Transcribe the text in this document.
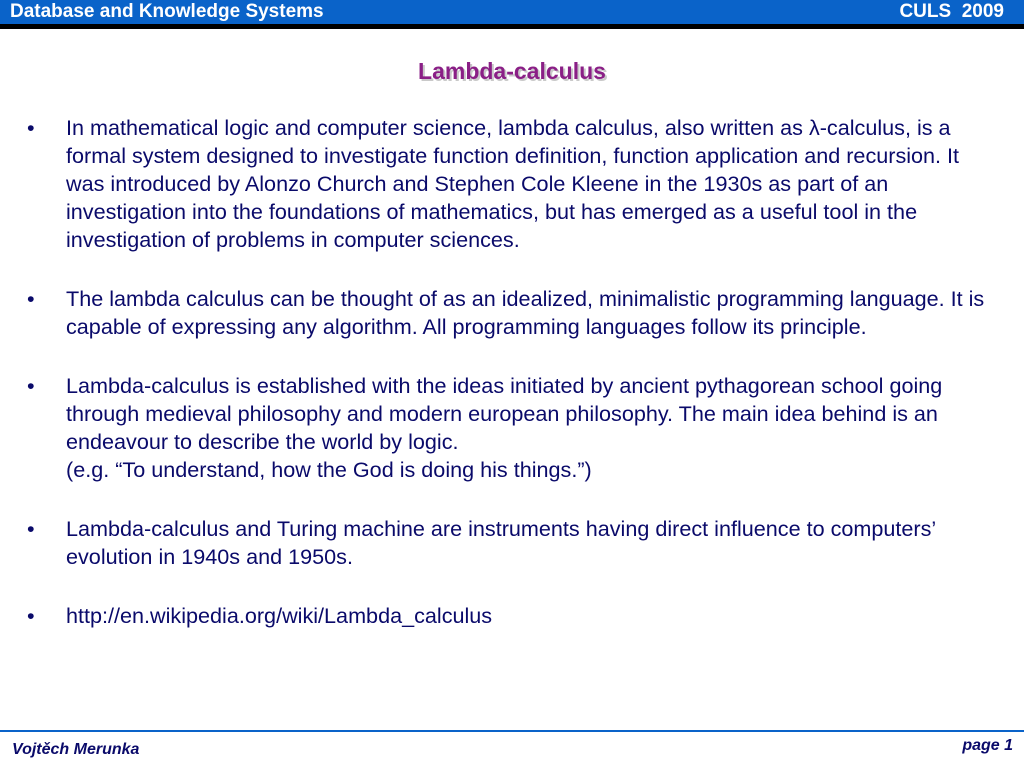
Database and Knowledge Systems	CULS  2009
Lambda-calculus
• In mathematical logic and computer science, lambda calculus, also written as λ-calculus, is a formal system designed to investigate function definition, function application and recursion. It was introduced by Alonzo Church and Stephen Cole Kleene in the 1930s as part of an investigation into the foundations of mathematics, but has emerged as a useful tool in the investigation of problems in computer sciences.
• The lambda calculus can be thought of as an idealized, minimalistic programming language. It is capable of expressing any algorithm. All programming languages follow its principle.
• Lambda-calculus is established with the ideas initiated by ancient pythagorean school going through medieval philosophy and modern european philosophy. The main idea behind is an endeavour to describe the world by logic.
(e.g. “To understand, how the God is doing his things.”)
• Lambda-calculus and Turing machine are instruments having direct influence to computers’ evolution in 1940s and 1950s.
• http://en.wikipedia.org/wiki/Lambda_calculus
Vojtěch Merunka	page 1
